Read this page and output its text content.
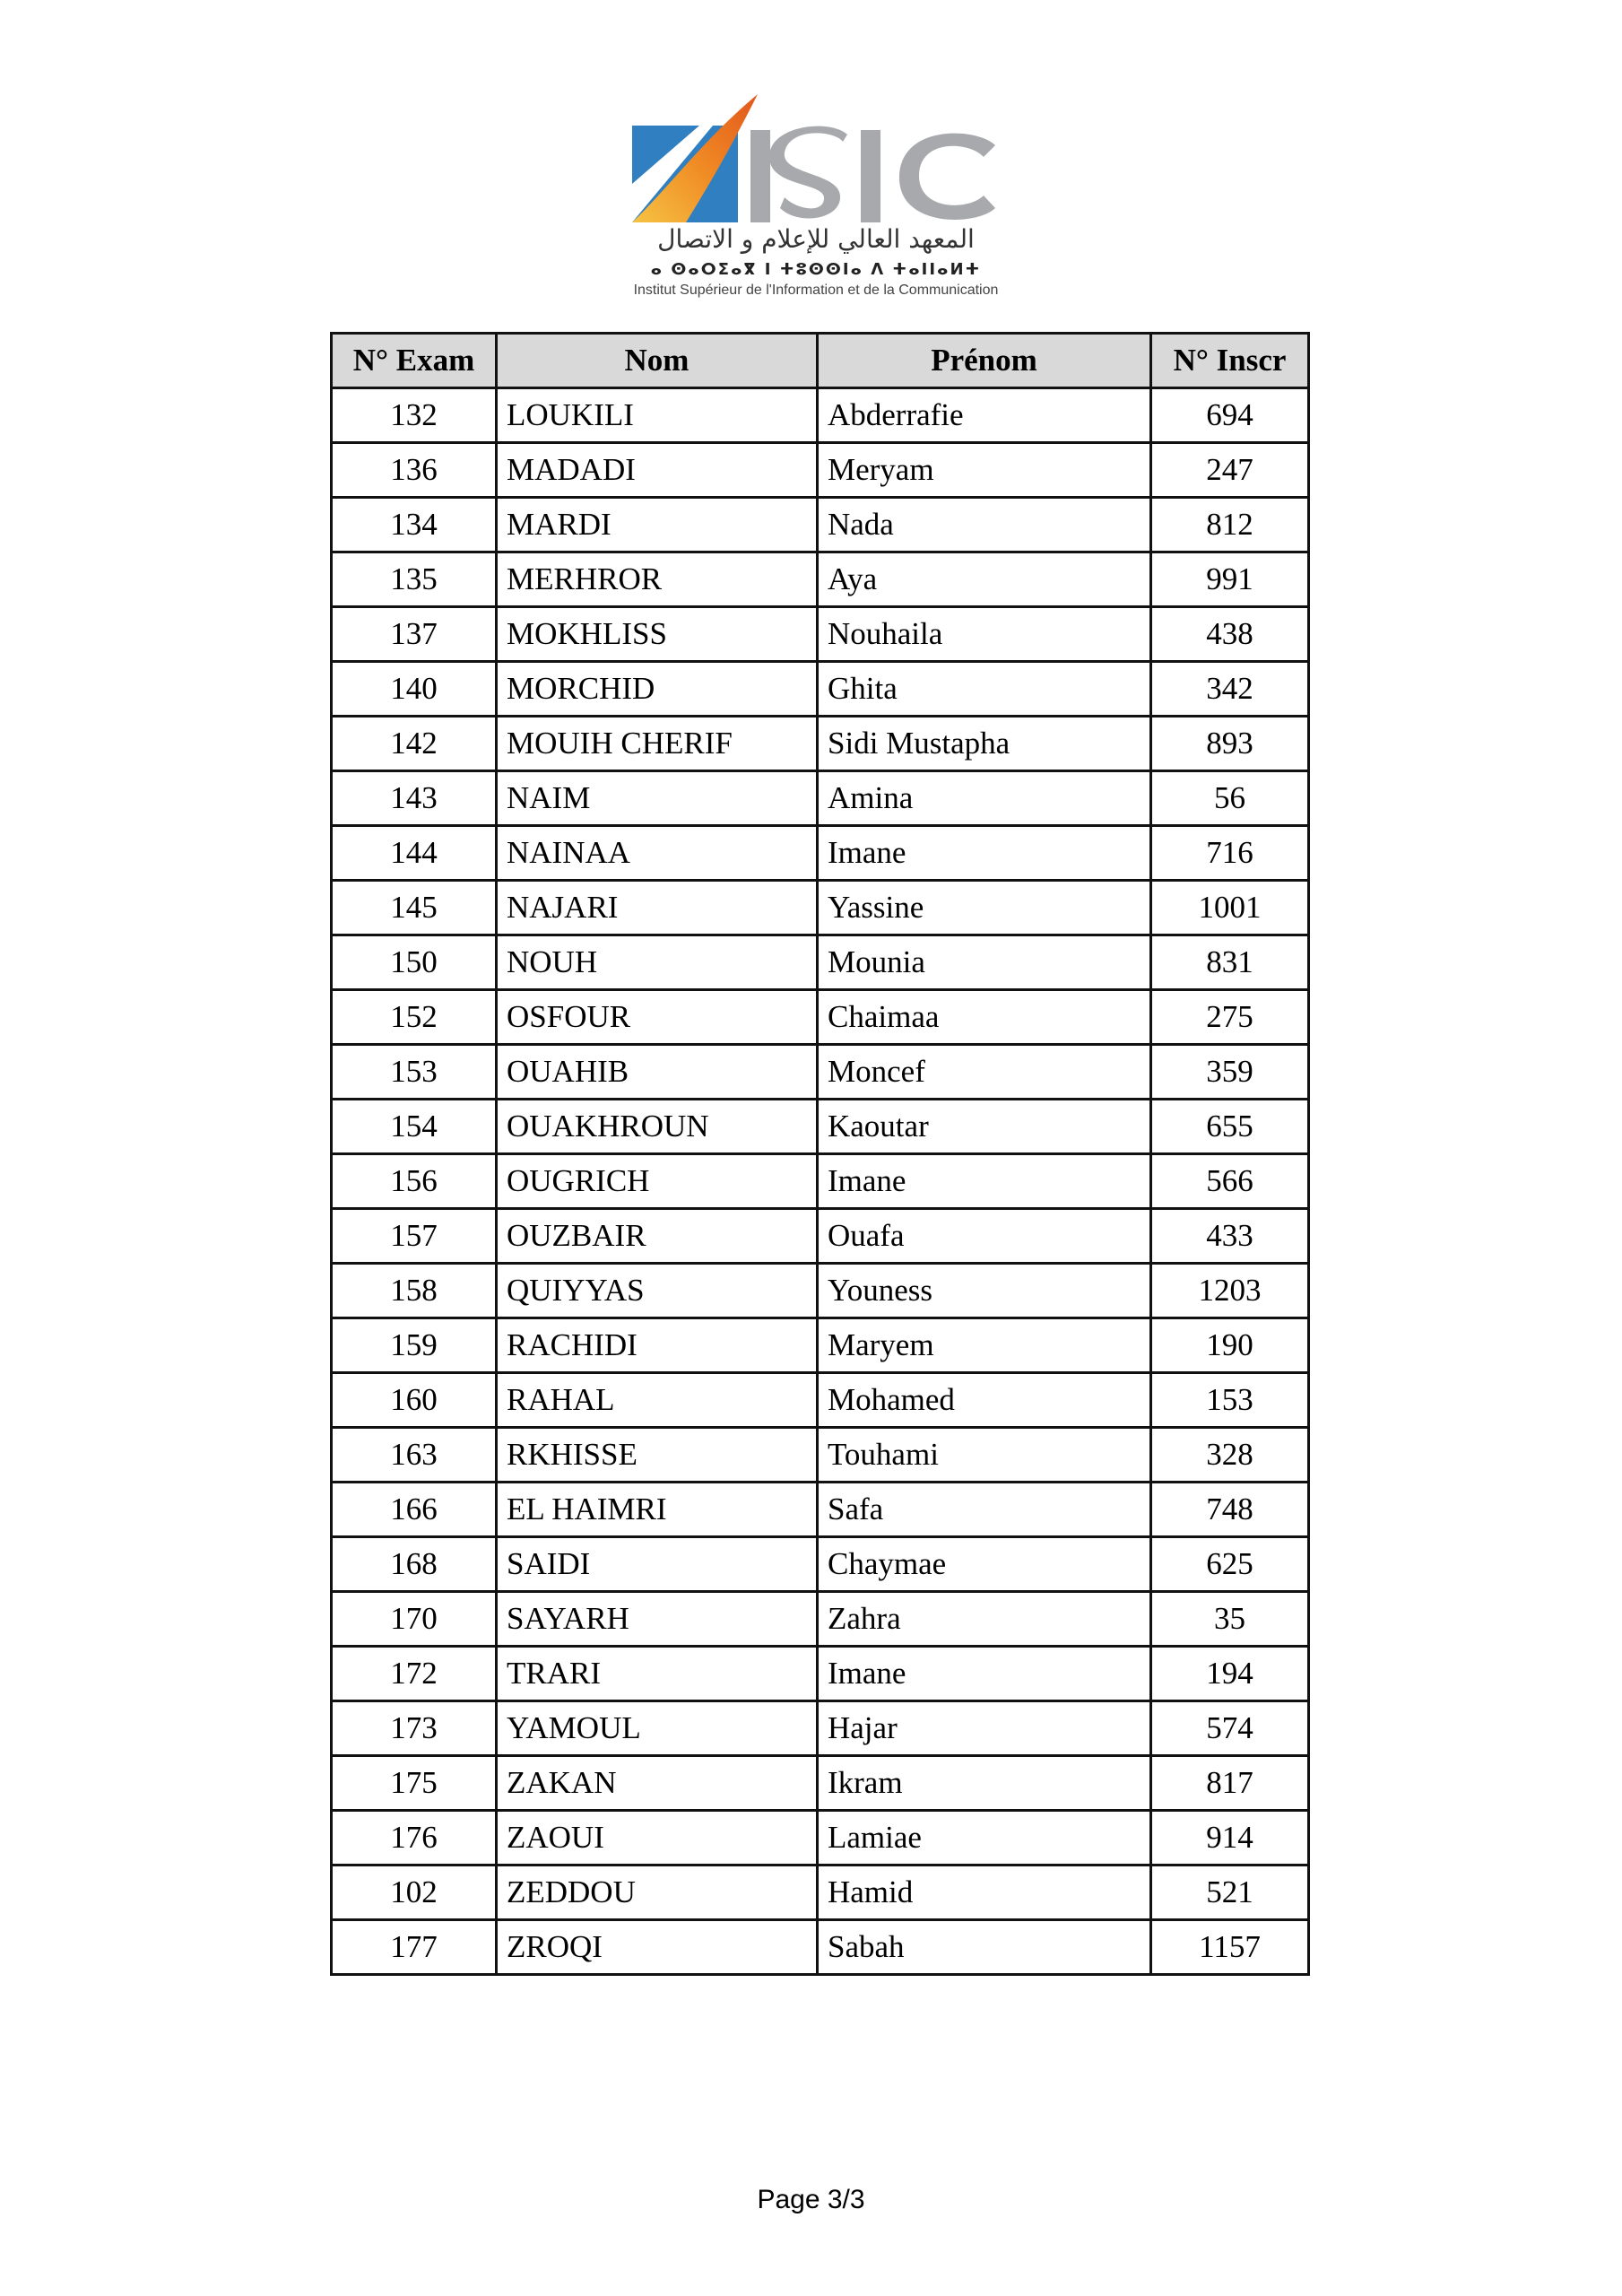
المعهد العالي للإعلام و الاتصال
ⴰ ⵙⴰⵔⵉⴰⴳ ⵏ ⵜⵓⵙⵙⵏⴰ ⴷ ⵜⴰⵏⵏⴰⵍⵜ
Institut Supérieur de l'Information et de la Communication
N° Exam	Nom	Prénom	N° Inscr
132	LOUKILI	Abderrafie	694
136	MADADI	Meryam	247
134	MARDI	Nada	812
135	MERHROR	Aya	991
137	MOKHLISS	Nouhaila	438
140	MORCHID	Ghita	342
142	MOUIH CHERIF	Sidi Mustapha	893
143	NAIM	Amina	56
144	NAINAA	Imane	716
145	NAJARI	Yassine	1001
150	NOUH	Mounia	831
152	OSFOUR	Chaimaa	275
153	OUAHIB	Moncef	359
154	OUAKHROUN	Kaoutar	655
156	OUGRICH	Imane	566
157	OUZBAIR	Ouafa	433
158	QUIYYAS	Youness	1203
159	RACHIDI	Maryem	190
160	RAHAL	Mohamed	153
163	RKHISSE	Touhami	328
166	EL HAIMRI	Safa	748
168	SAIDI	Chaymae	625
170	SAYARH	Zahra	35
172	TRARI	Imane	194
173	YAMOUL	Hajar	574
175	ZAKAN	Ikram	817
176	ZAOUI	Lamiae	914
102	ZEDDOU	Hamid	521
177	ZROQI	Sabah	1157
Page 3/3
